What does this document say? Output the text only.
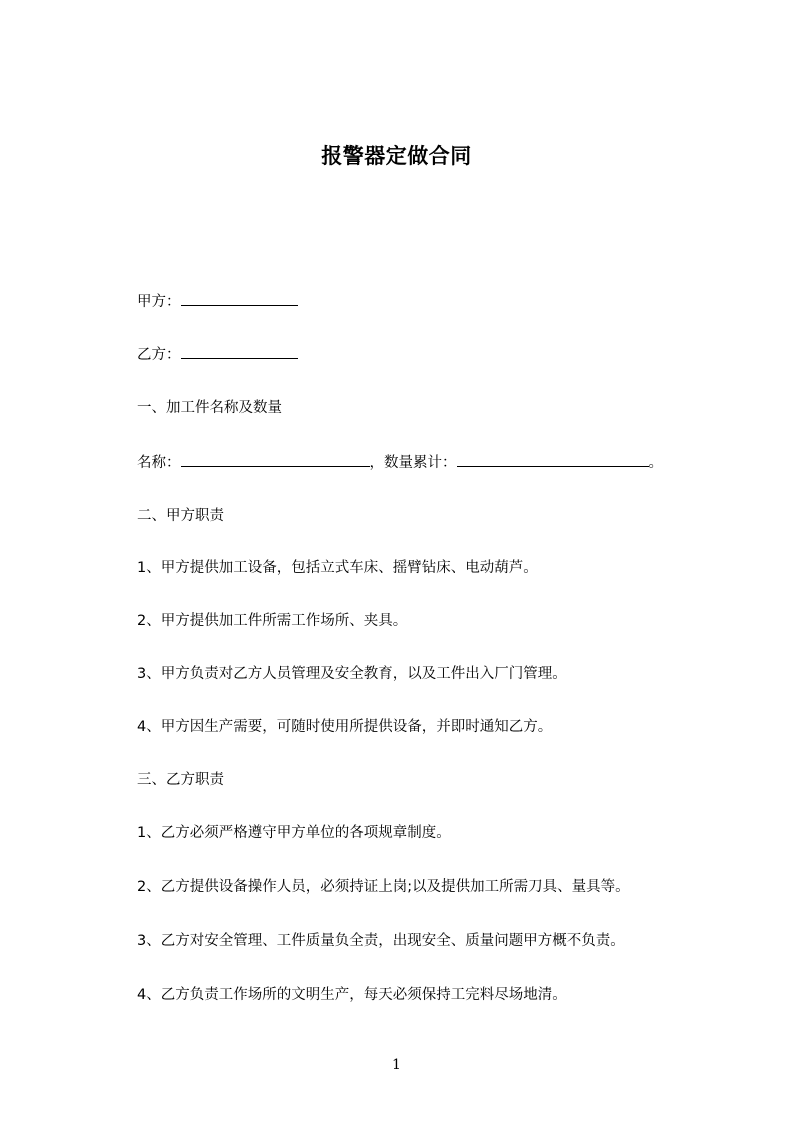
报警器定做合同
甲方：
乙方：
一、加工件名称及数量
名称：	，数量累计：	。
二、甲方职责
1、甲方提供加工设备，包括立式车床、摇臂钻床、电动葫芦。
2、甲方提供加工件所需工作场所、夹具。
3、甲方负责对乙方人员管理及安全教育，以及工件出入厂门管理。
4、甲方因生产需要，可随时使用所提供设备，并即时通知乙方。
三、乙方职责
1、乙方必须严格遵守甲方单位的各项规章制度。
2、乙方提供设备操作人员，必须持证上岗;以及提供加工所需刀具、量具等。
3、乙方对安全管理、工件质量负全责，出现安全、质量问题甲方概不负责。
4、乙方负责工作场所的文明生产，每天必须保持工完料尽场地清。
1
